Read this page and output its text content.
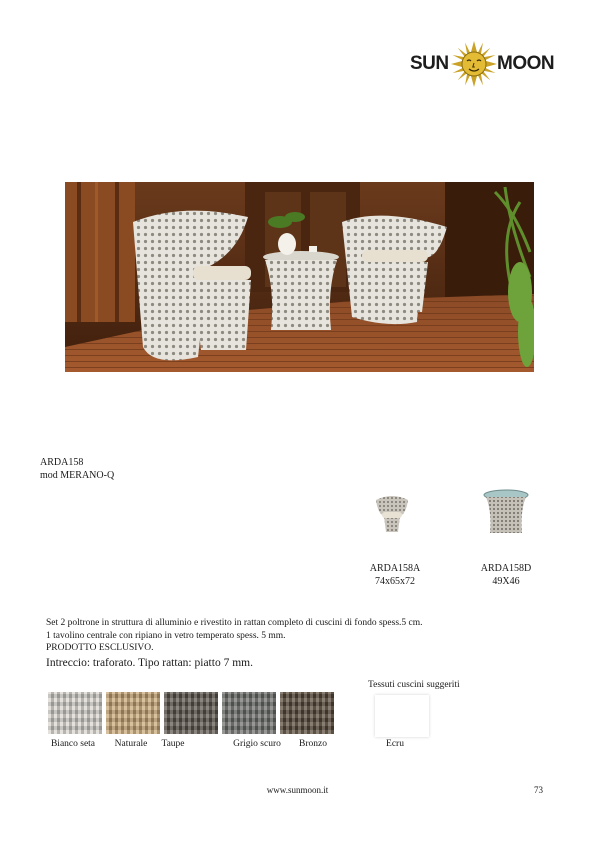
SUN	MOON
ARDA158
mod MERANO-Q
ARDA158A
74x65x72
ARDA158D
49X46
Set 2 poltrone in struttura di alluminio e rivestito in rattan completo di cuscini di fondo spess.5 cm.
1 tavolino centrale con ripiano in vetro temperato spess. 5 mm.
PRODOTTO ESCLUSIVO.
Intreccio: traforato. Tipo rattan: piatto 7 mm.
Bianco seta	Naturale	Taupe	Grigio scuro	Bronzo
Tessuti cuscini suggeriti
Ecru
www.sunmoon.it	73
